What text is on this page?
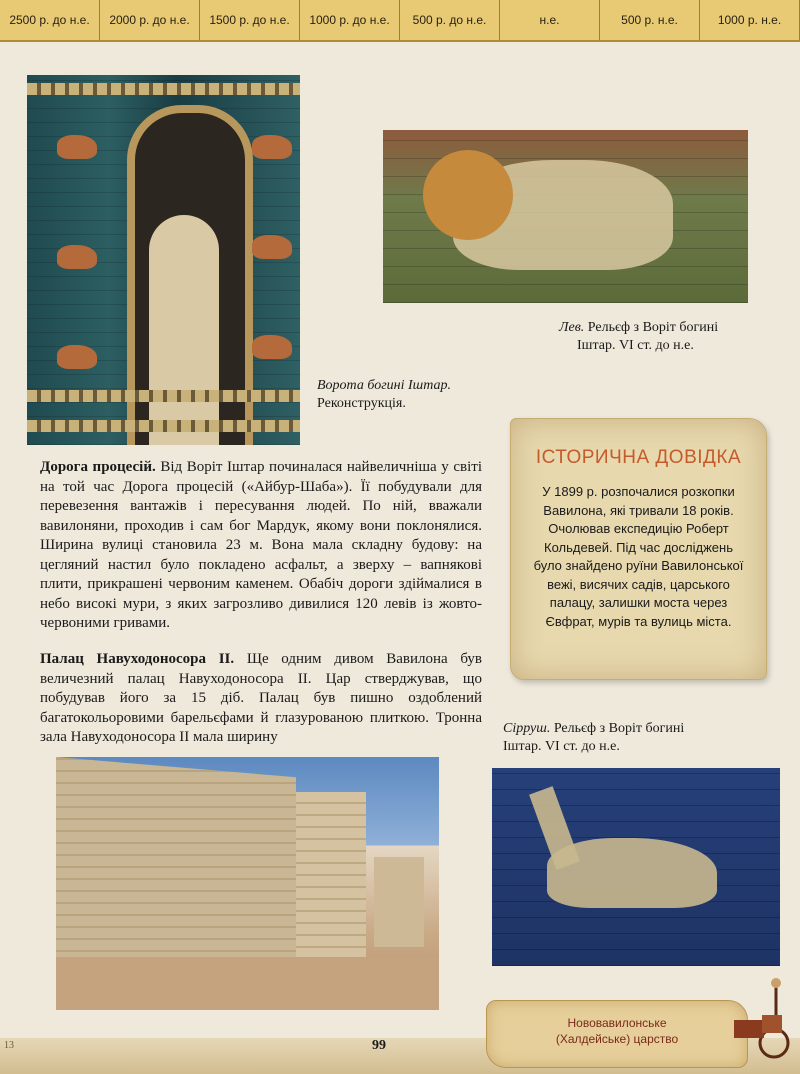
2500 р. до н.е.	2000 р. до н.е.	1500 р. до н.е.	1000 р. до н.е.	500 р. до н.е.	н.е.	500 р. н.е.	1000 р. н.е.
Лев. Рельєф з Воріт богині
Іштар. VI ст. до н.е.
Ворота богині Іштар.
Реконструкція.
ІСТОРИЧНА ДОВІДКА

У 1899 р. розпочалися розкопки Вавилона, які тривали 18 років. Очолював експедицію Роберт Кольдевей. Під час досліджень було знайдено руїни Вавилонської вежі, висячих садів, царського палацу, залишки моста через Євфрат, мурів та вулиць міста.

Дорога процесій. Від Воріт Іштар починалася найвеличніша у світі на той час Дорога процесій («Айбур-Шаба»). Її побудували для перевезення вантажів і пересування людей. По ній, вважали вавилоняни, проходив і сам бог Мардук, якому вони поклонялися. Ширина вулиці становила 23 м. Вона мала складну будову: на цегляний настил було покладено асфальт, а зверху – вапнякові плити, прикрашені червоним каменем. Обабіч дороги здіймалися в небо високі мури, з яких загрозливо дивилися 120 левів із жовто-червоними гривами.
Палац Навуходоносора ІІ. Ще одним дивом Вавилона був величезний палац Навуходоносора ІІ. Цар стверджував, що побудував його за 15 діб. Палац був пишно оздоблений багатокольоровими барельєфами й глазурованою плиткою. Тронна зала Навуходоносора ІІ мала ширину
Сірруш. Рельєф з Воріт богині
Іштар. VI ст. до н.е.
13	99
Нововавилонське
(Халдейське) царство
